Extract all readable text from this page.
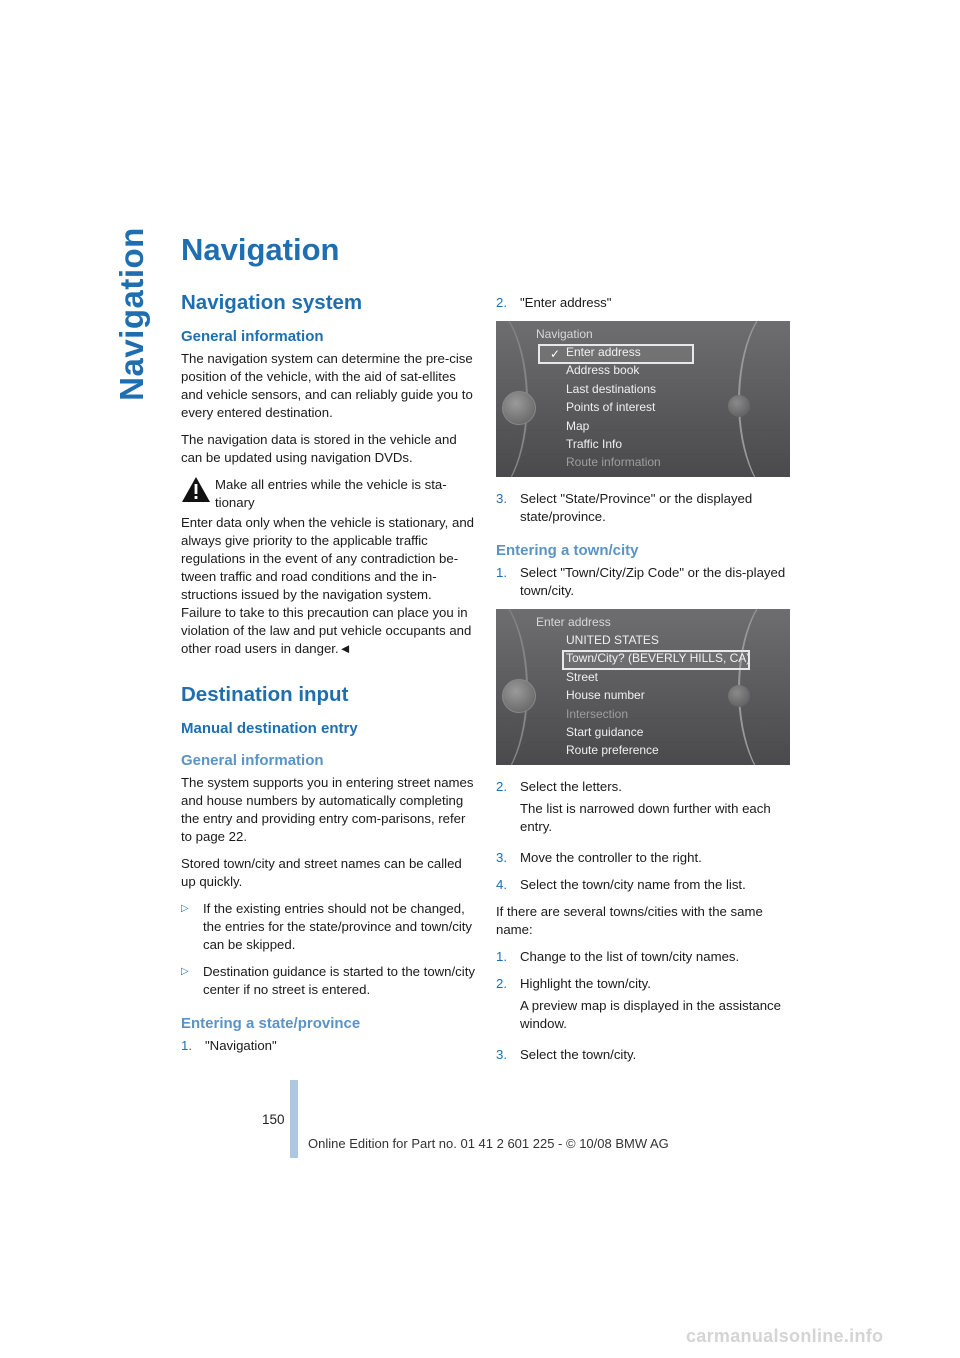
Navigation Navigation
Navigation system
General information

The navigation system can determine the pre-cise position of the vehicle, with the aid of sat-ellites and vehicle sensors, and can reliably guide you to every entered destination.

The navigation data is stored in the vehicle and can be updated using navigation DVDs.

Make all entries while the vehicle is sta-tionary

Enter data only when the vehicle is stationary, and always give priority to the applicable traffic regulations in the event of any contradiction be-tween traffic and road conditions and the in-structions issued by the navigation system. Failure to take to this precaution can place you in violation of the law and put vehicle occupants and other road users in danger.◄

Destination input
Manual destination entry
General information

The system supports you in entering street names and house numbers by automatically completing the entry and providing entry com-parisons, refer to page 22.

Stored town/city and street names can be called up quickly.

▷	If the existing entries should not be changed, the entries for the state/province and town/city can be skipped.
▷	Destination guidance is started to the town/city center if no street is entered.
Entering a state/province
1. "Navigation"
2. "Enter address"
Navigation
✓ Enter address
Address book
Last destinations
Points of interest
Map
Traffic Info
Route information
3. Select "State/Province" or the displayed state/province.
Entering a town/city
1. Select "Town/City/Zip Code" or the dis-played town/city.
Enter address
UNITED STATES
Town/City? (BEVERLY HILLS, CA)
Street
House number
Intersection
Start guidance
Route preference
2. Select the letters.

The list is narrowed down further with each entry.

3. Move the controller to the right.
4. Select the town/city name from the list.

If there are several towns/cities with the same name:

1. Change to the list of town/city names.
2. Highlight the town/city.

A preview map is displayed in the assistance window.

3. Select the town/city.
150
Online Edition for Part no. 01 41 2 601 225 - © 10/08 BMW AG
carmanualsonline.info
